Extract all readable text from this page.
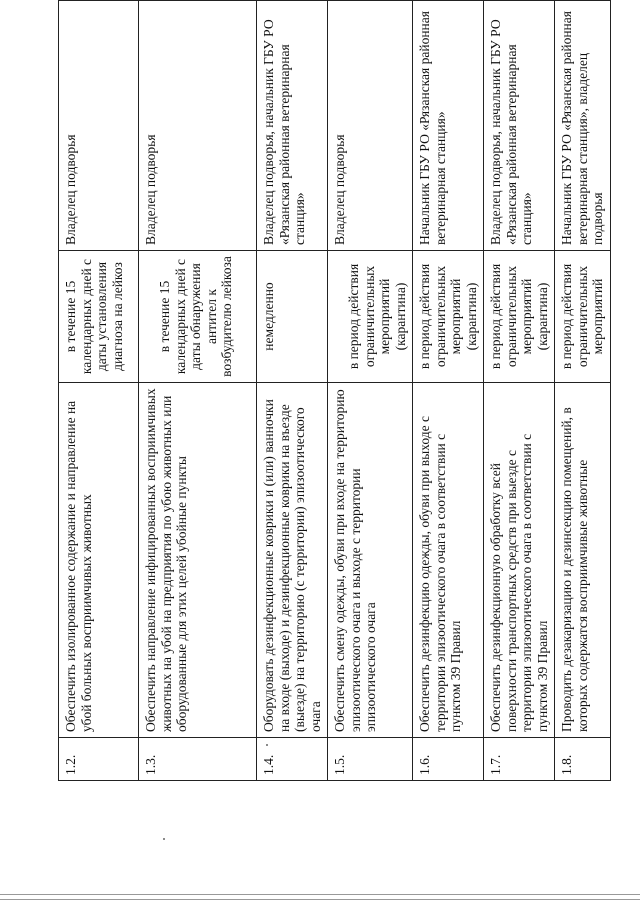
1.2.	Обеспечить изолированное содержание и направление на убой больных восприимчивых животных	в течение 15 календарных дней с даты установления диагноза на лейкоз	Владелец подворья
1.3.	Обеспечить направление инфицированных восприимчивых животных на убой на предприятия по убою животных или оборудованные для этих целей убойные пункты	в течение 15 календарных дней с даты обнаружения антител к возбудителю лейкоза	Владелец подворья
1.4.	Оборудовать дезинфекционные коврики и (или) ванночки на входе (выходе) и дезинфекционные коврики на въезде (выезде) на территорию (с территории) эпизоотического очага	немедленно	Владелец подворья, начальник ГБУ РО «Рязанская районная ветеринарная станция»
1.5.	Обеспечить смену одежды, обуви при входе на территорию эпизоотического очага и выходе с территории эпизоотического очага	в период действия ограничительных мероприятий (карантина)	Владелец подворья
1.6.	Обеспечить дезинфекцию одежды, обуви при выходе с территории эпизоотического очага в соответствии с пунктом 39 Правил	в период действия ограничительных мероприятий (карантина)	Начальник ГБУ РО «Рязанская районная ветеринарная станция»
1.7.	Обеспечить дезинфекционную обработку всей поверхности транспортных средств при выезде с территории эпизоотического очага в соответствии с пунктом 39 Правил	в период действия ограничительных мероприятий (карантина)	Владелец подворья, начальник ГБУ РО «Рязанская районная ветеринарная станция»
1.8.	Проводить дезакаризацию и дезинсекцию помещений, в которых содержатся восприимчивые животные	в период действия ограничительных мероприятий	Начальник ГБУ РО «Рязанская районная ветеринарная станция», владелец подворья
